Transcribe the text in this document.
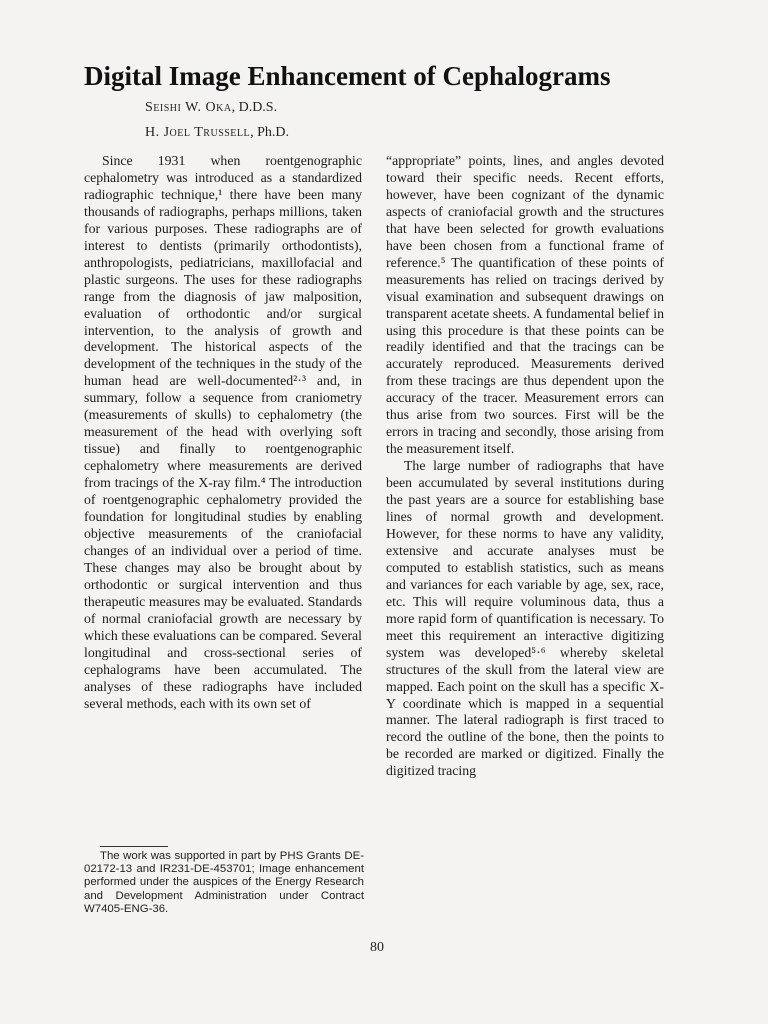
Digital Image Enhancement of Cephalograms
Seishi W. Oka, D.D.S.
H. Joel Trussell, Ph.D.

Since 1931 when roentgenographic cephalometry was introduced as a standardized radiographic technique,¹ there have been many thousands of radiographs, perhaps millions, taken for various purposes. These radiographs are of interest to dentists (primarily orthodontists), anthropologists, pediatricians, maxillofacial and plastic surgeons. The uses for these radiographs range from the diagnosis of jaw malposition, evaluation of orthodontic and/or surgical intervention, to the analysis of growth and development. The historical aspects of the development of the techniques in the study of the human head are well-documented²·³ and, in summary, follow a sequence from craniometry (measurements of skulls) to cephalometry (the measurement of the head with overlying soft tissue) and finally to roentgenographic cephalometry where measurements are derived from tracings of the X-ray film.⁴ The introduction of roentgenographic cephalometry provided the foundation for longitudinal studies by enabling objective measurements of the craniofacial changes of an individual over a period of time. These changes may also be brought about by orthodontic or surgical intervention and thus therapeutic measures may be evaluated. Standards of normal craniofacial growth are necessary by which these evaluations can be compared. Several longitudinal and cross-sectional series of cephalograms have been accumulated. The analyses of these radiographs have included several methods, each with its own set of

“appropriate” points, lines, and angles devoted toward their specific needs. Recent efforts, however, have been cognizant of the dynamic aspects of craniofacial growth and the structures that have been selected for growth evaluations have been chosen from a functional frame of reference.⁵ The quantification of these points of measurements has relied on tracings derived by visual examination and subsequent drawings on transparent acetate sheets. A fundamental belief in using this procedure is that these points can be readily identified and that the tracings can be accurately reproduced. Measurements derived from these tracings are thus dependent upon the accuracy of the tracer. Measurement errors can thus arise from two sources. First will be the errors in tracing and secondly, those arising from the measurement itself.

The large number of radiographs that have been accumulated by several institutions during the past years are a source for establishing base lines of normal growth and development. However, for these norms to have any validity, extensive and accurate analyses must be computed to establish statistics, such as means and variances for each variable by age, sex, race, etc. This will require voluminous data, thus a more rapid form of quantification is necessary. To meet this requirement an interactive digitizing system was developed⁵·⁶ whereby skeletal structures of the skull from the lateral view are mapped. Each point on the skull has a specific X-Y coordinate which is mapped in a sequential manner. The lateral radiograph is first traced to record the outline of the bone, then the points to be recorded are marked or digitized. Finally the digitized tracing

The work was supported in part by PHS Grants DE-02172-13 and IR231-DE-453701; Image enhancement performed under the auspices of the Energy Research and Development Administration under Contract W7405-ENG-36.

80
